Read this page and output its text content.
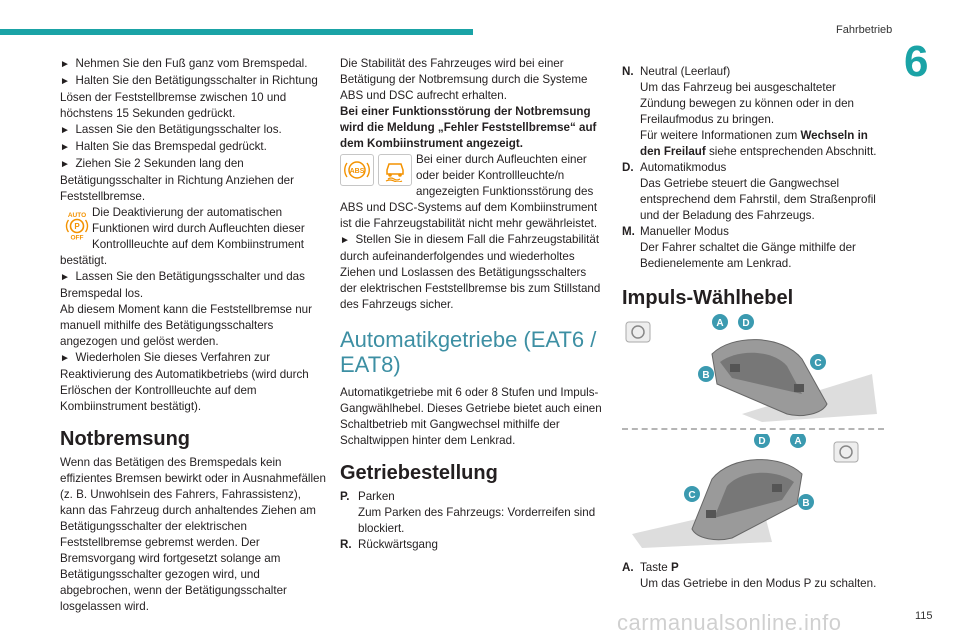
Fahrbetrieb
6

►  Nehmen Sie den Fuß ganz vom Bremspedal.

►  Halten Sie den Betätigungsschalter in Richtung Lösen der Feststellbremse zwischen 10 und höchstens 15 Sekunden gedrückt.

►  Lassen Sie den Betätigungsschalter los.

►  Halten Sie das Bremspedal gedrückt.

►  Ziehen Sie 2 Sekunden lang den Betätigungsschalter in Richtung Anziehen der Feststellbremse.

AUTO
P
OFF

Die Deaktivierung der automatischen Funktionen wird durch Aufleuchten dieser Kontrollleuchte auf dem Kombiinstrument bestätigt.

►  Lassen Sie den Betätigungsschalter und das Bremspedal los.

Ab diesem Moment kann die Feststellbremse nur manuell mithilfe des Betätigungsschalters angezogen und gelöst werden.

►  Wiederholen Sie dieses Verfahren zur Reaktivierung des Automatikbetriebs (wird durch Erlöschen der Kontrollleuchte auf dem Kombiinstrument bestätigt).

Notbremsung

Wenn das Betätigen des Bremspedals kein effizientes Bremsen bewirkt oder in Ausnahmefällen (z. B. Unwohlsein des Fahrers, Fahrassistenz), kann das Fahrzeug durch anhaltendes Ziehen am Betätigungsschalter der elektrischen Feststellbremse gebremst werden. Der Bremsvorgang wird fortgesetzt solange am Betätigungsschalter gezogen wird, und abgebrochen, wenn der Betätigungsschalter losgelassen wird.

Die Stabilität des Fahrzeuges wird bei einer Betätigung der Notbremsung durch die Systeme ABS und DSC aufrecht erhalten.

Bei einer Funktionsstörung der Notbremsung wird die Meldung „Fehler Feststellbremse“ auf dem Kombiinstrument angezeigt.

ABS

Bei einer durch Aufleuchten einer oder beider Kontrollleuchte/n angezeigten Funktionsstörung des ABS und DSC-Systems auf dem Kombiinstrument ist die Fahrzeugstabilität nicht mehr gewährleistet.

►  Stellen Sie in diesem Fall die Fahrzeugstabilität durch aufeinanderfolgendes und wiederholtes Ziehen und Loslassen des Betätigungsschalters der elektrischen Feststellbremse bis zum Stillstand des Fahrzeugs sicher.

Automatikgetriebe (EAT6 / EAT8)

Automatikgetriebe mit 6 oder 8 Stufen und Impuls-Gangwählhebel. Dieses Getriebe bietet auch einen Schaltbetrieb mit Gangwechsel mithilfe der Schaltwippen hinter dem Lenkrad.

Getriebestellung
P. Parken
Zum Parken des Fahrzeugs: Vorderreifen sind blockiert.
R. Rückwärtsgang
N. Neutral (Leerlauf)
Um das Fahrzeug bei ausgeschalteter Zündung bewegen zu können oder in den Freilaufmodus zu bringen.
Für weitere Informationen zum Wechseln in den Freilauf siehe entsprechenden Abschnitt.
D. Automatikmodus
Das Getriebe steuert die Gangwechsel entsprechend dem Fahrstil, dem Straßenprofil und der Beladung des Fahrzeugs.
M. Manueller Modus
Der Fahrer schaltet die Gänge mithilfe der Bedienelemente am Lenkrad.
Impuls-Wählhebel
A D
C
B
D	A
C
B
A. Taste P
Um das Getriebe in den Modus P zu schalten.
carmanualsonline.info	115
